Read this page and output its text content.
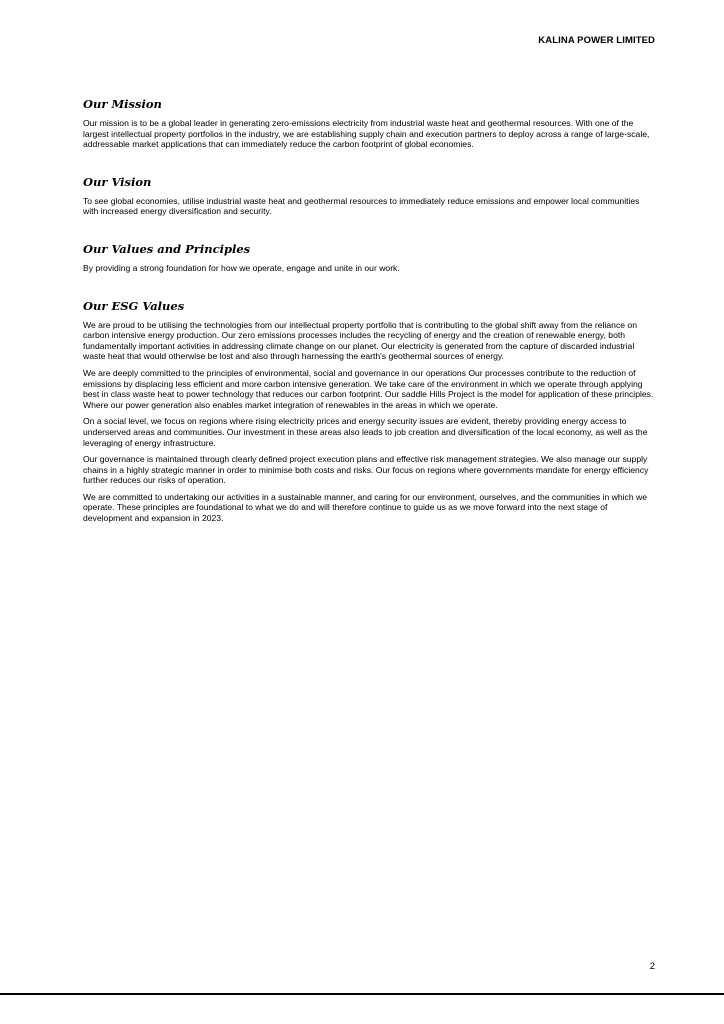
KALINA POWER LIMITED
Our Mission

Our mission is to be a global leader in generating zero-emissions electricity from industrial waste heat and geothermal resources. With one of the largest intellectual property portfolios in the industry, we are establishing supply chain and execution partners to deploy across a range of large-scale, addressable market applications that can immediately reduce the carbon footprint of global economies.

Our Vision

To see global economies, utilise industrial waste heat and geothermal resources to immediately reduce emissions and empower local communities with increased energy diversification and security.

Our Values and Principles

By providing a strong foundation for how we operate, engage and unite in our work.

Our ESG Values

We are proud to be utilising the technologies from our intellectual property portfolio that is contributing to the global shift away from the reliance on carbon intensive energy production. Our zero emissions processes includes the recycling of energy and the creation of renewable energy, both fundamentally important activities in addressing climate change on our planet. Our electricity is generated from the capture of discarded industrial waste heat that would otherwise be lost and also through harnessing the earth's geothermal sources of energy.

We are deeply committed to the principles of environmental, social and governance in our operations Our processes contribute to the reduction of emissions by displacing less efficient and more carbon intensive generation. We take care of the environment in which we operate through applying best in class waste heat to power technology that reduces our carbon footprint. Our saddle Hills Project is the model for application of these principles. Where our power generation also enables market integration of renewables in the areas in which we operate.

On a social level, we focus on regions where rising electricity prices and energy security issues are evident, thereby providing energy access to underserved areas and communities. Our investment in these areas also leads to job creation and diversification of the local economy, as well as the leveraging of energy infrastructure.

Our governance is maintained through clearly defined project execution plans and effective risk management strategies. We also manage our supply chains in a highly strategic manner in order to minimise both costs and risks. Our focus on regions where governments mandate for energy efficiency further reduces our risks of operation.

We are committed to undertaking our activities in a sustainable manner, and caring for our environment, ourselves, and the communities in which we operate. These principles are foundational to what we do and will therefore continue to guide us as we move forward into the next stage of development and expansion in 2023.

2
